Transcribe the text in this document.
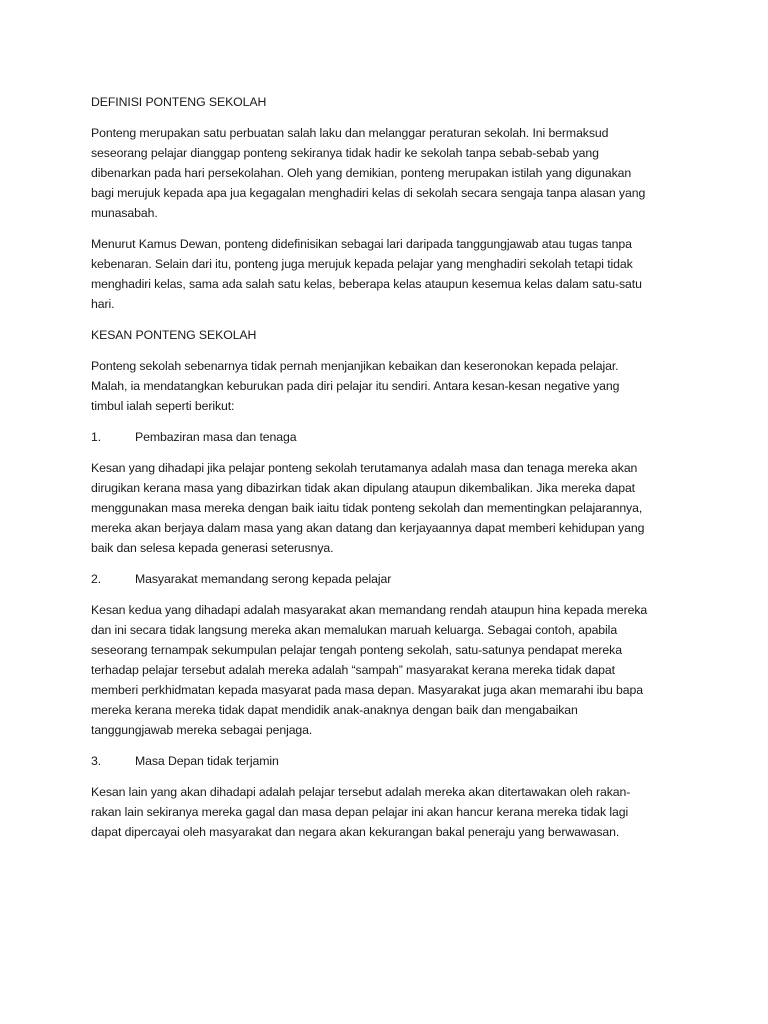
DEFINISI PONTENG SEKOLAH
Ponteng merupakan satu perbuatan salah laku dan melanggar peraturan sekolah. Ini bermaksud
seseorang pelajar dianggap ponteng sekiranya tidak hadir ke sekolah tanpa sebab-sebab yang
dibenarkan pada hari persekolahan. Oleh yang demikian, ponteng merupakan istilah yang digunakan
bagi merujuk kepada apa jua kegagalan menghadiri kelas di sekolah secara sengaja tanpa alasan yang
munasabah.
Menurut Kamus Dewan, ponteng didefinisikan sebagai lari daripada tanggungjawab atau tugas tanpa
kebenaran. Selain dari itu, ponteng juga merujuk kepada pelajar yang menghadiri sekolah tetapi tidak
menghadiri kelas, sama ada salah satu kelas, beberapa kelas ataupun kesemua kelas dalam satu-satu
hari.
KESAN PONTENG SEKOLAH
Ponteng sekolah sebenarnya tidak pernah menjanjikan kebaikan dan keseronokan kepada pelajar.
Malah, ia mendatangkan keburukan pada diri pelajar itu sendiri. Antara kesan-kesan negative yang
timbul ialah seperti berikut:
1.	Pembaziran masa dan tenaga
Kesan yang dihadapi jika pelajar ponteng sekolah terutamanya adalah masa dan tenaga mereka akan
dirugikan kerana masa yang dibazirkan tidak akan dipulang ataupun dikembalikan. Jika mereka dapat
menggunakan masa mereka dengan baik iaitu tidak ponteng sekolah dan mementingkan pelajarannya,
mereka akan berjaya dalam masa yang akan datang dan kerjayaannya dapat memberi kehidupan yang
baik dan selesa kepada generasi seterusnya.
2.	Masyarakat memandang serong kepada pelajar
Kesan kedua yang dihadapi adalah masyarakat akan memandang rendah ataupun hina kepada mereka
dan ini secara tidak langsung mereka akan memalukan maruah keluarga. Sebagai contoh, apabila
seseorang ternampak sekumpulan pelajar tengah ponteng sekolah, satu-satunya pendapat mereka
terhadap pelajar tersebut adalah mereka adalah “sampah” masyarakat kerana mereka tidak dapat
memberi perkhidmatan kepada masyarat pada masa depan. Masyarakat juga akan memarahi ibu bapa
mereka kerana mereka tidak dapat mendidik anak-anaknya dengan baik dan mengabaikan
tanggungjawab mereka sebagai penjaga.
3.	Masa Depan tidak terjamin
Kesan lain yang akan dihadapi adalah pelajar tersebut adalah mereka akan ditertawakan oleh rakan-
rakan lain sekiranya mereka gagal dan masa depan pelajar ini akan hancur kerana mereka tidak lagi
dapat dipercayai oleh masyarakat dan negara akan kekurangan bakal peneraju yang berwawasan.
